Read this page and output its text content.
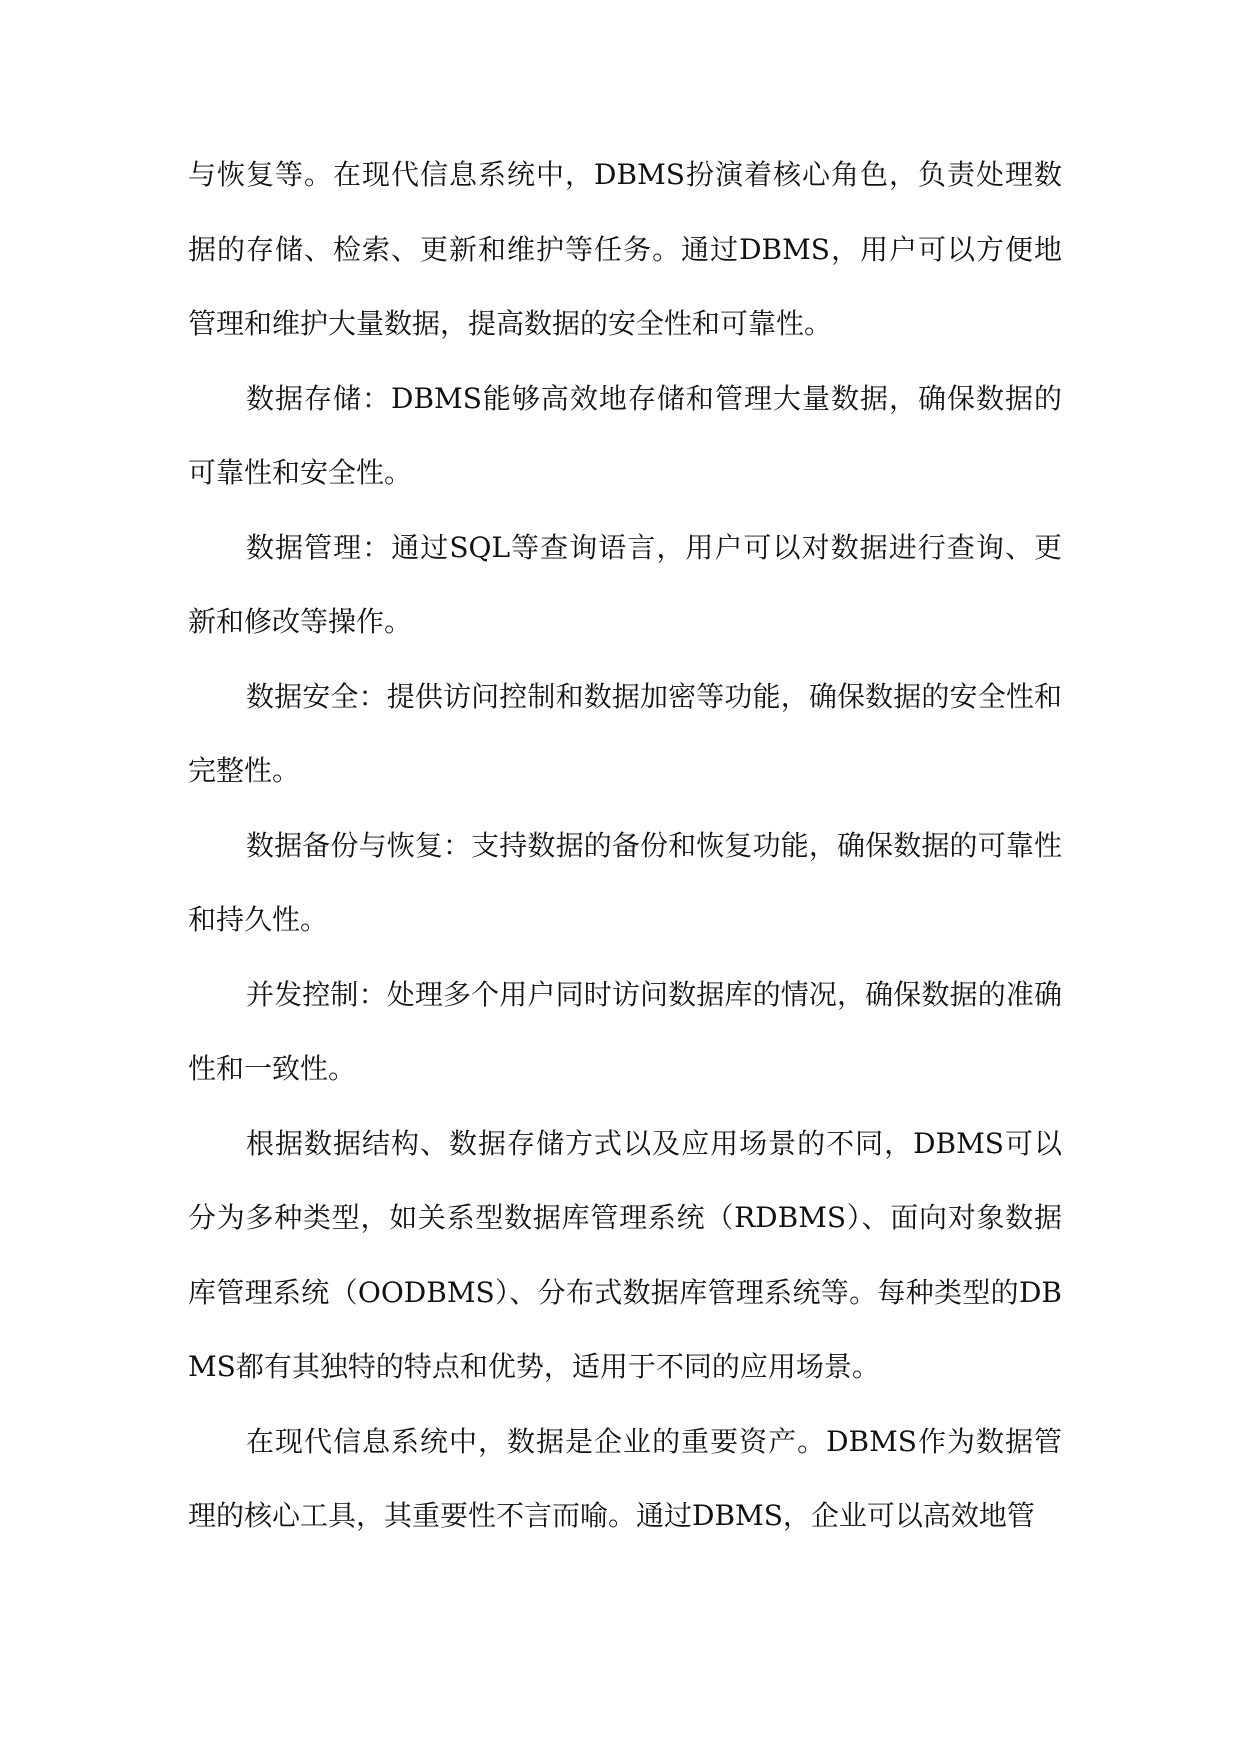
与恢复等。在现代信息系统中，DBMS扮演着核心角色，负责处理数据的存储、检索、更新和维护等任务。通过DBMS，用户可以方便地管理和维护大量数据，提高数据的安全性和可靠性。

数据存储：DBMS能够高效地存储和管理大量数据，确保数据的可靠性和安全性。

数据管理：通过SQL等查询语言，用户可以对数据进行查询、更新和修改等操作。

数据安全：提供访问控制和数据加密等功能，确保数据的安全性和完整性。

数据备份与恢复：支持数据的备份和恢复功能，确保数据的可靠性和持久性。

并发控制：处理多个用户同时访问数据库的情况，确保数据的准确性和一致性。

根据数据结构、数据存储方式以及应用场景的不同，DBMS可以分为多种类型，如关系型数据库管理系统（RDBMS）、面向对象数据库管理系统（OODBMS）、分布式数据库管理系统等。每种类型的DBMS都有其独特的特点和优势，适用于不同的应用场景。

在现代信息系统中，数据是企业的重要资产。DBMS作为数据管理的核心工具，其重要性不言而喻。通过DBMS，企业可以高效地管
